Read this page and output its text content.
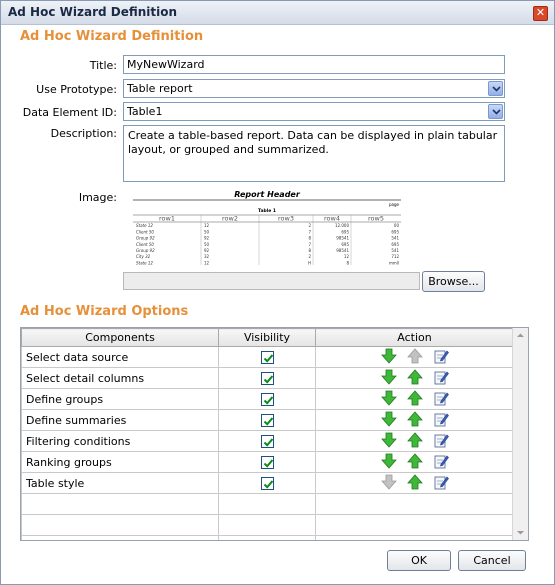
Ad Hoc Wizard Definition	✕
Ad Hoc Wizard Definition
Title: MyNewWizard
Use Prototype: Table report
Data Element ID: Table1
Description:	Create a table-based report. Data can be displayed in plain tabular layout, or grouped and summarized.
Image:	Report Header
page
Table 1
row1	row2	row3	row4	row5
State 12	12	2	12.000	00
Client 50	50	7	695	695
Group 92	92	8	98541	541
Client 50	50	7	695	695
Group 92	92	8	98541	541
City 32	32	2	12	712
State 12	12	H	8	mmll
Browse...
Ad Hoc Wizard Options
Components	Visibility	Action
Select data source	

Select detail columns	

Define groups	

Define summaries	

Filtering conditions	

Ranking groups	

Table style	

OK	Cancel
